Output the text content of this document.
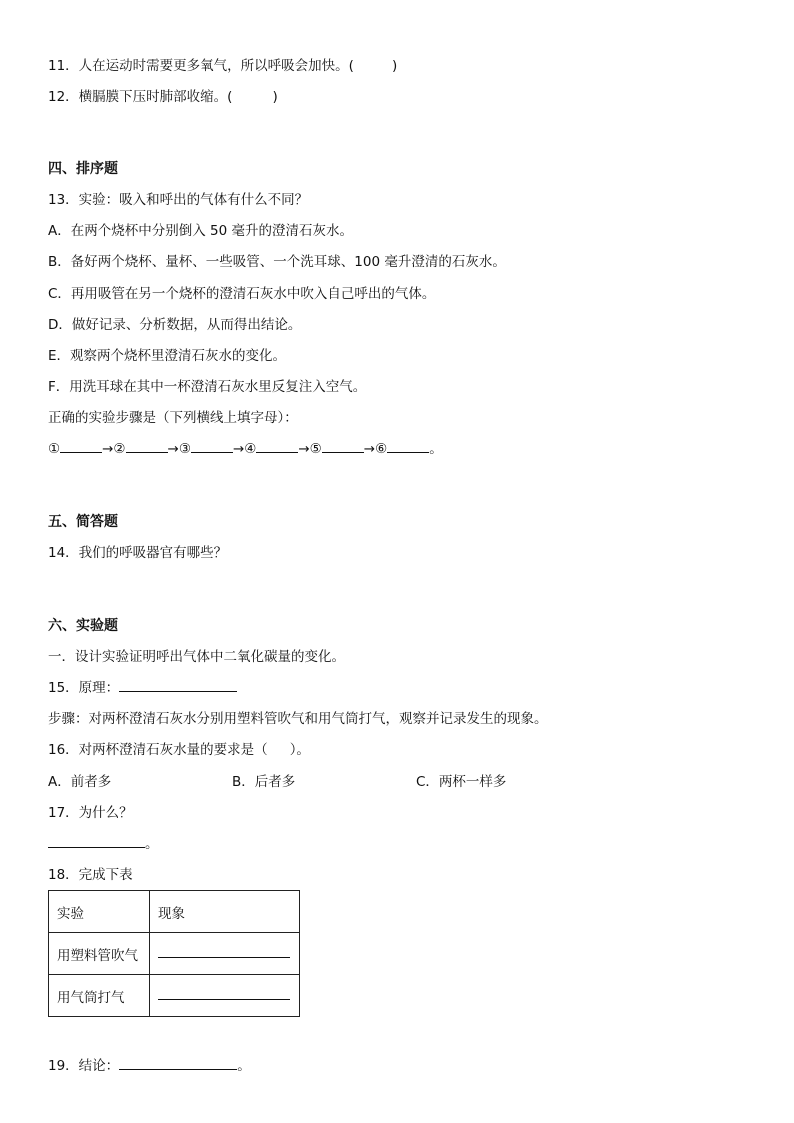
11．人在运动时需要更多氧气，所以呼吸会加快。(	)
12．横膈膜下压时肺部收缩。(	)
四、排序题
13．实验：吸入和呼出的气体有什么不同？
A．在两个烧杯中分别倒入 50 毫升的澄清石灰水。
B．备好两个烧杯、量杯、一些吸管、一个洗耳球、100 毫升澄清的石灰水。
C．再用吸管在另一个烧杯的澄清石灰水中吹入自己呼出的气体。
D．做好记录、分析数据，从而得出结论。
E．观察两个烧杯里澄清石灰水的变化。
F．用洗耳球在其中一杯澄清石灰水里反复注入空气。
正确的实验步骤是（下列横线上填字母）：
①	→②	→③	→④	→⑤	→⑥	。
五、简答题
14．我们的呼吸器官有哪些？
六、实验题
一．设计实验证明呼出气体中二氧化碳量的变化。
15．原理：
步骤：对两杯澄清石灰水分别用塑料管吹气和用气筒打气，观察并记录发生的现象。
16．对两杯澄清石灰水量的要求是（ ）。
A．前者多	B．后者多	C．两杯一样多
17．为什么？
。
18．完成下表
实验	现象
用塑料管吹气	
用气筒打气	
19．结论：	。
